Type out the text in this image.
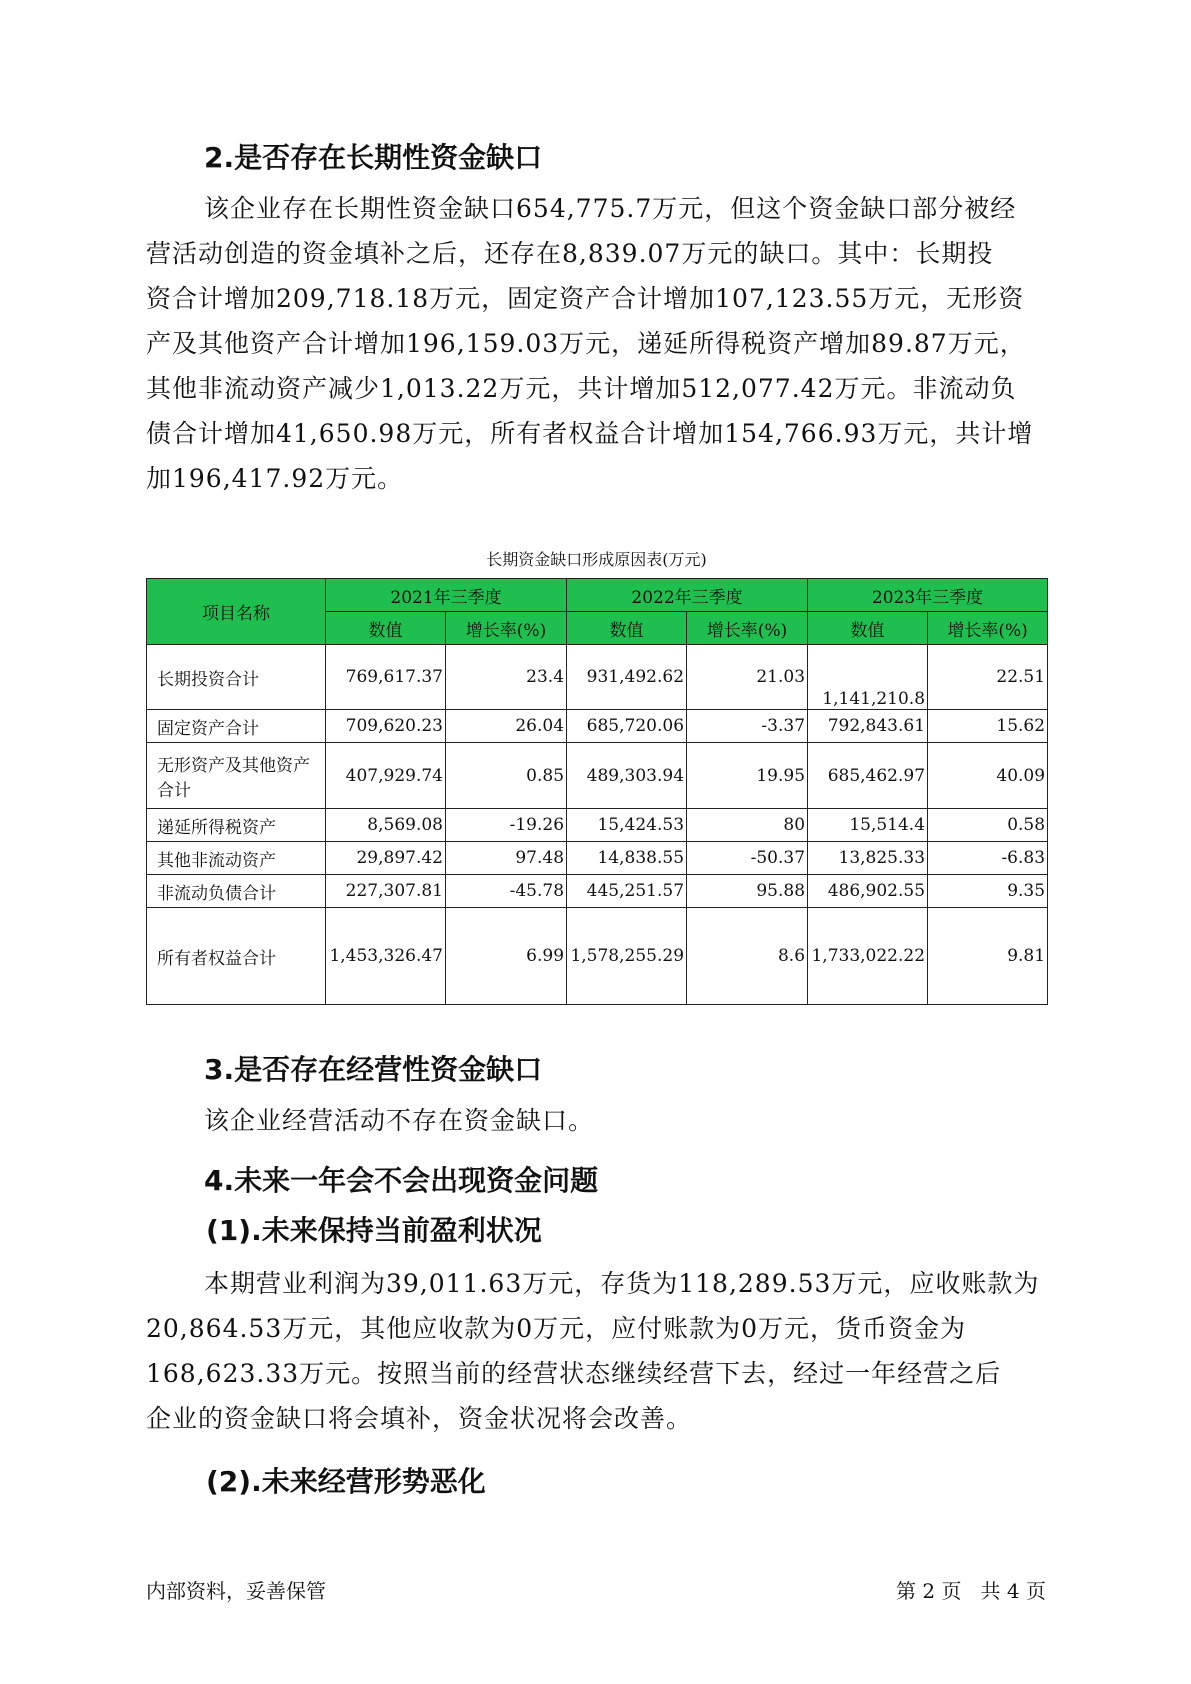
2.是否存在长期性资金缺口
该企业存在长期性资金缺口654,775.7万元，但这个资金缺口部分被经
营活动创造的资金填补之后，还存在8,839.07万元的缺口。其中：长期投
资合计增加209,718.18万元，固定资产合计增加107,123.55万元，无形资
产及其他资产合计增加196,159.03万元，递延所得税资产增加89.87万元，
其他非流动资产减少1,013.22万元，共计增加512,077.42万元。非流动负
债合计增加41,650.98万元，所有者权益合计增加154,766.93万元，共计增
加196,417.92万元。
长期资金缺口形成原因表(万元)
项目名称	2021年三季度		2022年三季度		2023年三季度	
	数值	增长率(%)	数值	增长率(%)	数值	增长率(%)
长期投资合计	769,617.37	23.4	931,492.62	21.03	1,141,210.8	22.51
固定资产合计	709,620.23	26.04	685,720.06	-3.37	792,843.61	15.62
无形资产及其他资产合计	407,929.74	0.85	489,303.94	19.95	685,462.97	40.09
递延所得税资产	8,569.08	-19.26	15,424.53	80	15,514.4	0.58
其他非流动资产	29,897.42	97.48	14,838.55	-50.37	13,825.33	-6.83
非流动负债合计	227,307.81	-45.78	445,251.57	95.88	486,902.55	9.35
所有者权益合计	1,453,326.47	6.99	1,578,255.29	8.6	1,733,022.22	9.81
3.是否存在经营性资金缺口
该企业经营活动不存在资金缺口。
4.未来一年会不会出现资金问题
(1).未来保持当前盈利状况
本期营业利润为39,011.63万元，存货为118,289.53万元，应收账款为
20,864.53万元，其他应收款为0万元，应付账款为0万元，货币资金为
168,623.33万元。按照当前的经营状态继续经营下去，经过一年经营之后
企业的资金缺口将会填补，资金状况将会改善。
(2).未来经营形势恶化
内部资料，妥善保管	第 2 页   共 4 页
